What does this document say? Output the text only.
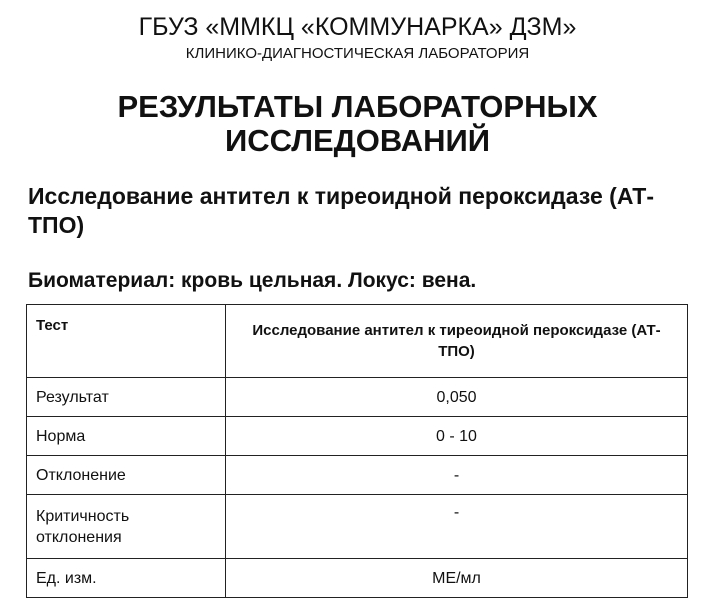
ГБУЗ «ММКЦ «КОММУНАРКА» ДЗМ»
КЛИНИКО-ДИАГНОСТИЧЕСКАЯ ЛАБОРАТОРИЯ
РЕЗУЛЬТАТЫ ЛАБОРАТОРНЫХ
ИССЛЕДОВАНИЙ
Исследование антител к тиреоидной пероксидазе (АТ-ТПО)
Биоматериал: кровь цельная. Локус: вена.
Тест	Исследование антител к тиреоидной пероксидазе (АТ-ТПО)
Результат	0,050
Норма	0 - 10
Отклонение	-
Критичность отклонения	-
Ед. изм.	МЕ/мл
